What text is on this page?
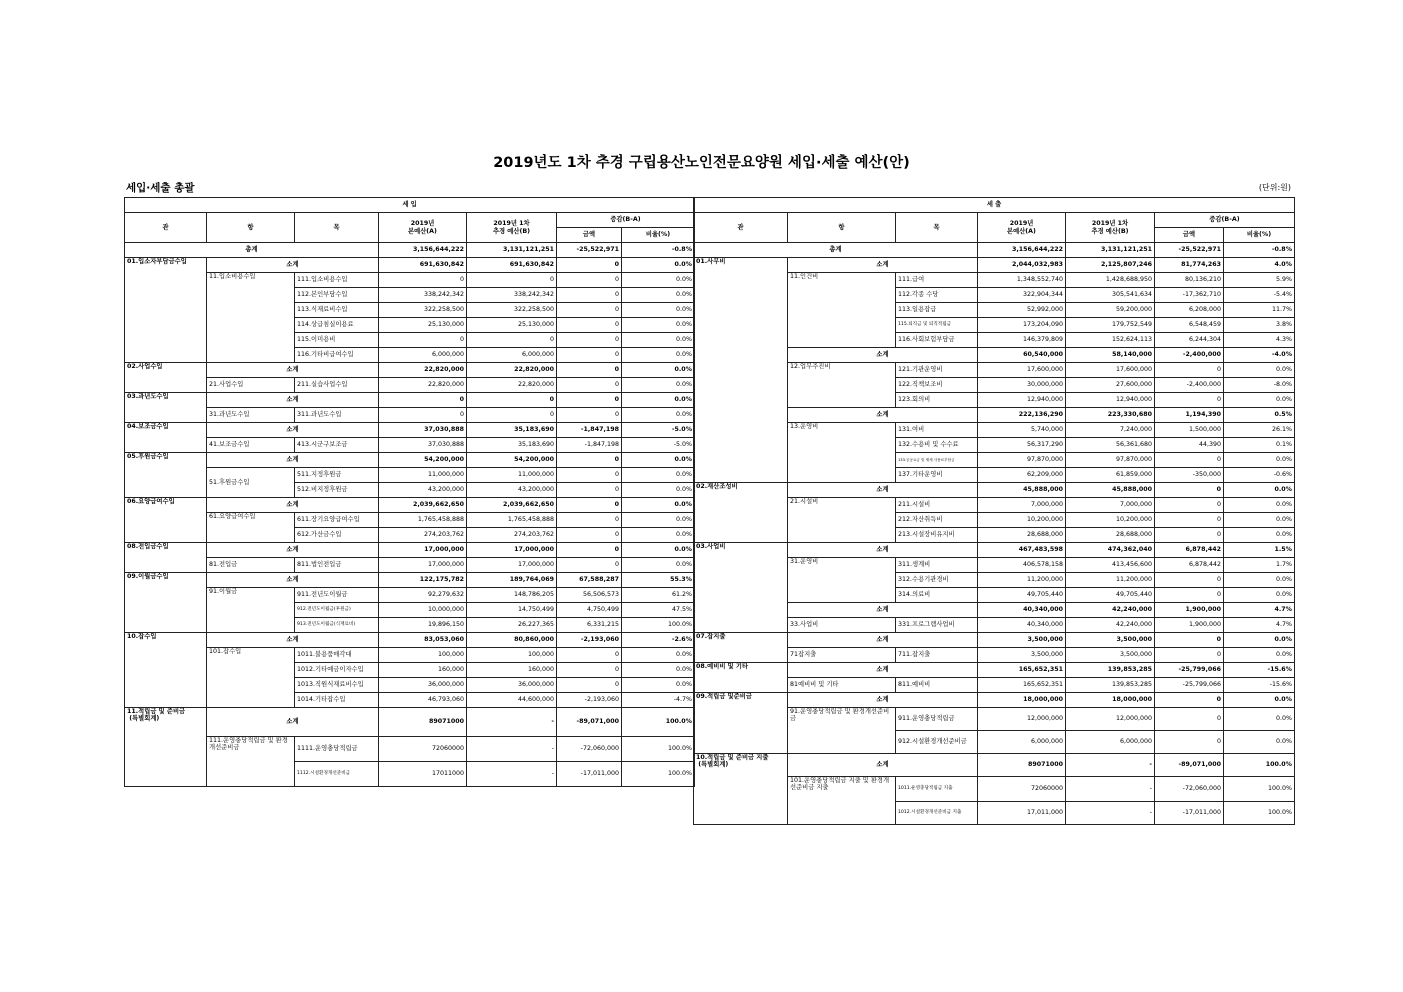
2019년도 1차 추경 구립용산노인전문요양원 세입·세출 예산(안)
세입·세출 총괄	(단위:원)
세 입						
관	항	목	2019년
본예산(A)	2019년 1차
추경 예산(B)	증감(B-A)	
					금액	비율(%)
총계			3,156,644,222	3,131,121,251	-25,522,971	-0.8%
01.입소자부담금수입	소계		691,630,842	691,630,842	0	0.0%
	11.입소비용수입	111.입소비용수입	0	0	0	0.0%
		112.본인부담수입	338,242,342	338,242,342	0	0.0%
		113.식재료비수입	322,258,500	322,258,500	0	0.0%
		114.상급침실이용료	25,130,000	25,130,000	0	0.0%
		115.이미용비	0	0	0	0.0%
		116.기타비급여수입	6,000,000	6,000,000	0	0.0%
02.사업수입	소계		22,820,000	22,820,000	0	0.0%
	21.사업수입	211.실습사업수입	22,820,000	22,820,000	0	0.0%
03.과년도수입	소계		0	0	0	0.0%
	31.과년도수입	311.과년도수입	0	0	0	0.0%
04.보조금수입	소계		37,030,888	35,183,690	-1,847,198	-5.0%
	41.보조금수입	413.시군구보조금	37,030,888	35,183,690	-1,847,198	-5.0%
05.후원금수입	소계		54,200,000	54,200,000	0	0.0%
	51.후원금수입	511.지정후원금	11,000,000	11,000,000	0	0.0%
		512.비지정후원금	43,200,000	43,200,000	0	0.0%
06.요양급여수입	소계		2,039,662,650	2,039,662,650	0	0.0%
	61.요양급여수입	611.장기요양급여수입	1,765,458,888	1,765,458,888	0	0.0%
		612.가산금수입	274,203,762	274,203,762	0	0.0%
08.전입금수입	소계		17,000,000	17,000,000	0	0.0%
	81.전입금	811.법인전입금	17,000,000	17,000,000	0	0.0%
09.이월금수입	소계		122,175,782	189,764,069	67,588,287	55.3%
	91.이월금	911.전년도이월금	92,279,632	148,786,205	56,506,573	61.2%
		912.전년도이월금(후원금)	10,000,000	14,750,499	4,750,499	47.5%
		913.전년도이월금(식재료비)	19,896,150	26,227,365	6,331,215	100.0%
10.잡수입	소계		83,053,060	80,860,000	-2,193,060	-2.6%
	101.잡수입	1011.불용품매각대	100,000	100,000	0	0.0%
		1012.기타예금이자수입	160,000	160,000	0	0.0%
		1013.직원식재료비수입	36,000,000	36,000,000	0	0.0%
		1014.기타잡수입	46,793,060	44,600,000	-2,193,060	-4.7%
11.적립금 및 준비금
(특별회계)	소계		89071000	-	-89,071,000	100.0%
	111.운영충당적립금 및 환경개선준비금	1111.운영충당적립금	72060000	-	-72,060,000	100.0%
		1112.시설환경개선준비금	17011000	-	-17,011,000	100.0%
세 출						
관	항	목	2019년
본예산(A)	2019년 1차
추경 예산(B)	증감(B-A)	
					금액	비율(%)
총계			3,156,644,222	3,131,121,251	-25,522,971	-0.8%
01.사무비	소계		2,044,032,983	2,125,807,246	81,774,263	4.0%
	11.인건비	111.급여	1,348,552,740	1,428,688,950	80,136,210	5.9%
		112.각종 수당	322,904,344	305,541,634	-17,362,710	-5.4%
		113.일용잡급	52,992,000	59,200,000	6,208,000	11.7%
		115.퇴직금 및 퇴직적립금	173,204,090	179,752,549	6,548,459	3.8%
		116.사회보험부담금	146,379,809	152,624,113	6,244,304	4.3%
	소계		60,540,000	58,140,000	-2,400,000	-4.0%
	12.업무추진비	121.기관운영비	17,600,000	17,600,000	0	0.0%
		122.직책보조비	30,000,000	27,600,000	-2,400,000	-8.0%
		123.회의비	12,940,000	12,940,000	0	0.0%
	소계		222,136,290	223,330,680	1,194,390	0.5%
	13.운영비	131.여비	5,740,000	7,240,000	1,500,000	26.1%
		132.수용비 및 수수료	56,317,290	56,361,680	44,390	0.1%
		133.공공요금 및 제세 사용료부담금	97,870,000	97,870,000	0	0.0%
		137.기타운영비	62,209,000	61,859,000	-350,000	-0.6%
02.재산조성비	소계		45,888,000	45,888,000	0	0.0%
	21.시설비	211.시설비	7,000,000	7,000,000	0	0.0%
		212.자산취득비	10,200,000	10,200,000	0	0.0%
		213.시설장비유지비	28,688,000	28,688,000	0	0.0%
03.사업비	소계		467,483,598	474,362,040	6,878,442	1.5%
	31.운영비	311.생계비	406,578,158	413,456,600	6,878,442	1.7%
		312.수용기관경비	11,200,000	11,200,000	0	0.0%
		314.의료비	49,705,440	49,705,440	0	0.0%
	소계		40,340,000	42,240,000	1,900,000	4.7%
	33.사업비	331.프로그램사업비	40,340,000	42,240,000	1,900,000	4.7%
07.잡지출	소계		3,500,000	3,500,000	0	0.0%
	71잡지출	711.잡지출	3,500,000	3,500,000	0	0.0%
08.예비비 및 기타	소계		165,652,351	139,853,285	-25,799,066	-15.6%
	81예비비 및 기타	811.예비비	165,652,351	139,853,285	-25,799,066	-15.6%
09.적립금 및준비금	소계		18,000,000	18,000,000	0	0.0%
	91.운영충당적립금 및 환경개선준비금	911.운영충당적립금	12,000,000	12,000,000	0	0.0%
		912.시설환경개선준비금	6,000,000	6,000,000	0	0.0%
10.적립금 및 준비금 지출
(특별회계)	소계		89071000	-	-89,071,000	100.0%
	101.운영충당적립금 지출 및 환경개선준비금 지출	1011.운영충당적립금 지출	72060000	-	-72,060,000	100.0%
		1012.시설환경개선준비금 지출	17,011,000	-	-17,011,000	100.0%
